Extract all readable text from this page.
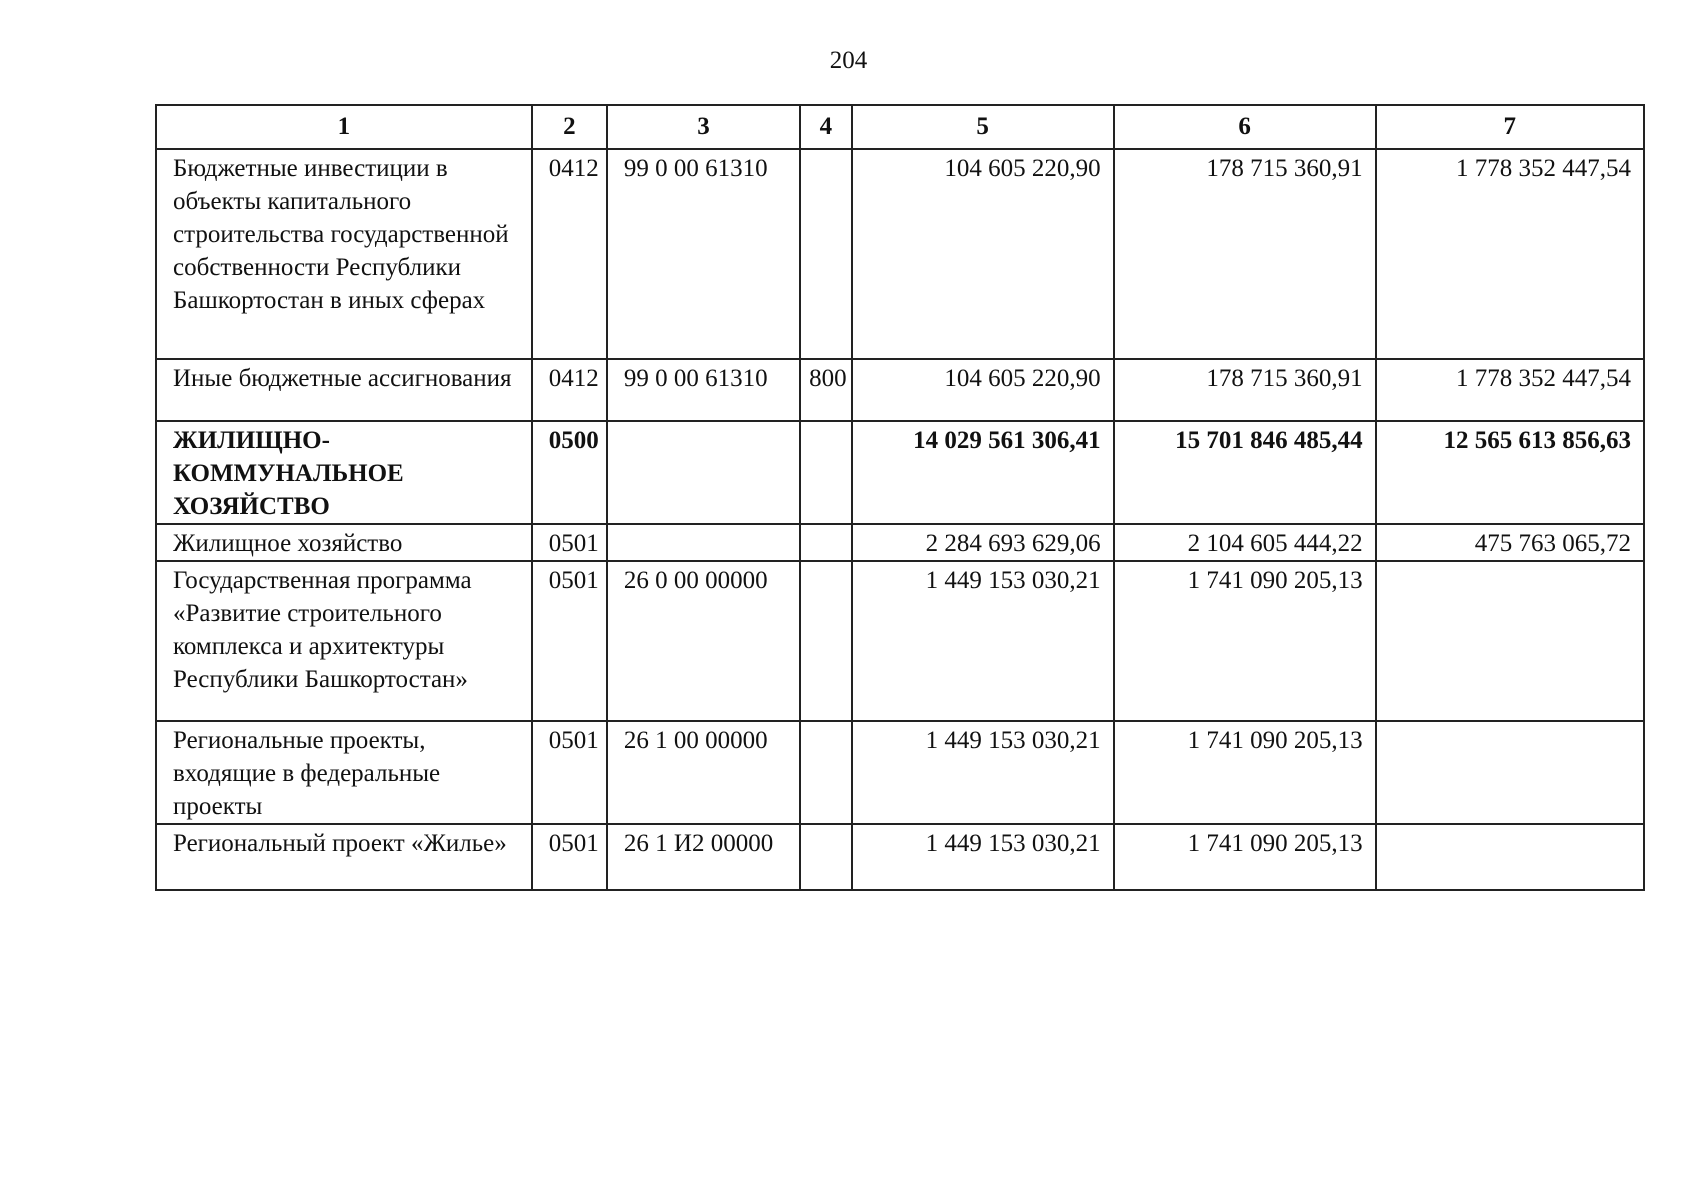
204
1	2	3	4	5	6	7
Бюджетные инвестиции в объекты капитального строительства государственной собственности Республики Башкортостан в иных сферах	0412	99 0 00 61310		104 605 220,90	178 715 360,91	1 778 352 447,54
Иные бюджетные ассигнования	0412	99 0 00 61310	800	104 605 220,90	178 715 360,91	1 778 352 447,54
ЖИЛИЩНО-КОММУНАЛЬНОЕ ХОЗЯЙСТВО	0500			14 029 561 306,41	15 701 846 485,44	12 565 613 856,63
Жилищное хозяйство	0501			2 284 693 629,06	2 104 605 444,22	475 763 065,72
Государственная программа «Развитие строительного комплекса и архитектуры Республики Башкортостан»	0501	26 0 00 00000		1 449 153 030,21	1 741 090 205,13	
Региональные проекты, входящие в федеральные проекты	0501	26 1 00 00000		1 449 153 030,21	1 741 090 205,13	
Региональный проект «Жилье»	0501	26 1 И2 00000		1 449 153 030,21	1 741 090 205,13	
